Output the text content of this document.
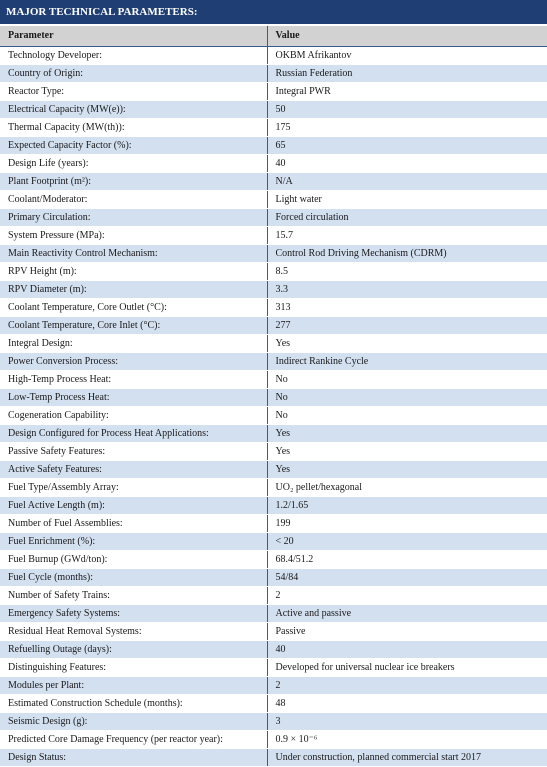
MAJOR TECHNICAL PARAMETERS:
Parameter	Value
Technology Developer:	OKBM Afrikantov
Country of Origin:	Russian Federation
Reactor Type:	Integral PWR
Electrical Capacity (MW(e)):	50
Thermal Capacity (MW(th)):	175
Expected Capacity Factor (%):	65
Design Life (years):	40
Plant Footprint (m²):	N/A
Coolant/Moderator:	Light water
Primary Circulation:	Forced circulation
System Pressure (MPa):	15.7
Main Reactivity Control Mechanism:	Control Rod Driving Mechanism (CDRM)
RPV Height (m):	8.5
RPV Diameter (m):	3.3
Coolant Temperature, Core Outlet (°C):	313
Coolant Temperature, Core Inlet (°C):	277
Integral Design:	Yes
Power Conversion Process:	Indirect Rankine Cycle
High-Temp Process Heat:	No
Low-Temp Process Heat:	No
Cogeneration Capability:	No
Design Configured for Process Heat Applications:	Yes
Passive Safety Features:	Yes
Active Safety Features:	Yes
Fuel Type/Assembly Array:	UO₂ pellet/hexagonal
Fuel Active Length (m):	1.2/1.65
Number of Fuel Assemblies:	199
Fuel Enrichment (%):	< 20
Fuel Burnup (GWd/ton):	68.4/51.2
Fuel Cycle (months):	54/84
Number of Safety Trains:	2
Emergency Safety Systems:	Active and passive
Residual Heat Removal Systems:	Passive
Refuelling Outage (days):	40
Distinguishing Features:	Developed for universal nuclear ice breakers
Modules per Plant:	2
Estimated Construction Schedule (months):	48
Seismic Design (g):	3
Predicted Core Damage Frequency (per reactor year):	0.9 × 10⁻⁶
Design Status:	Under construction, planned commercial start 2017
